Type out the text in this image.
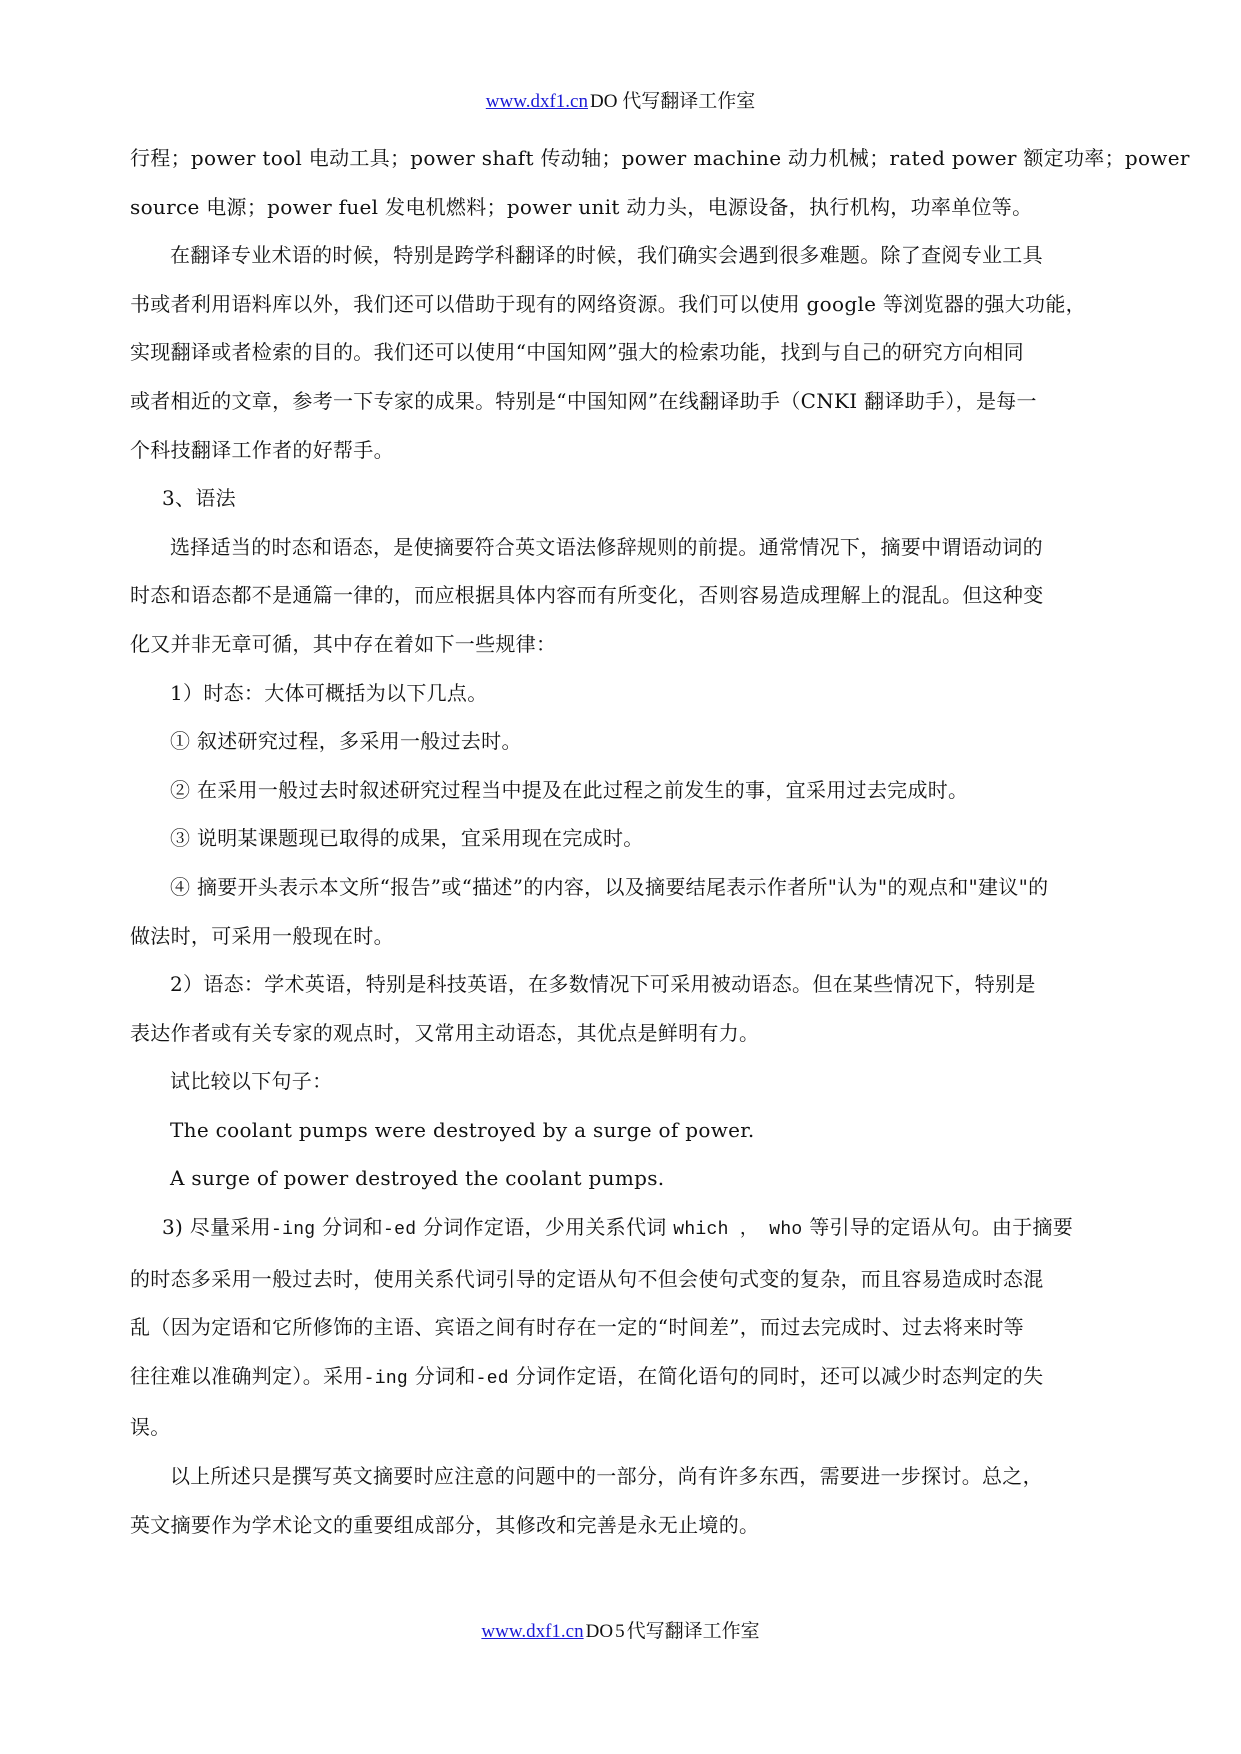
www.dxf1.cn DO 代写翻译工作室

行程；power tool 电动工具；power shaft 传动轴；power machine 动力机械；rated power 额定功率；power
source 电源；power fuel 发电机燃料；power unit 动力头，电源设备，执行机构，功率单位等。

在翻译专业术语的时候，特别是跨学科翻译的时候，我们确实会遇到很多难题。除了查阅专业工具

书或者利用语料库以外，我们还可以借助于现有的网络资源。我们可以使用 google 等浏览器的强大功能，
实现翻译或者检索的目的。我们还可以使用“中国知网”强大的检索功能，找到与自己的研究方向相同
或者相近的文章，参考一下专家的成果。特别是“中国知网”在线翻译助手（CNKI 翻译助手），是每一
个科技翻译工作者的好帮手。

3、语法

选择适当的时态和语态，是使摘要符合英文语法修辞规则的前提。通常情况下，摘要中谓语动词的

时态和语态都不是通篇一律的，而应根据具体内容而有所变化，否则容易造成理解上的混乱。但这种变
化又并非无章可循，其中存在着如下一些规律：

1）时态：大体可概括为以下几点。

① 叙述研究过程，多采用一般过去时。

② 在采用一般过去时叙述研究过程当中提及在此过程之前发生的事，宜采用过去完成时。

③ 说明某课题现已取得的成果，宜采用现在完成时。

④ 摘要开头表示本文所“报告”或“描述”的内容，以及摘要结尾表示作者所"认为"的观点和"建议"的

做法时，可采用一般现在时。

2）语态：学术英语，特别是科技英语，在多数情况下可采用被动语态。但在某些情况下，特别是

表达作者或有关专家的观点时，又常用主动语态，其优点是鲜明有力。

试比较以下句子：

The coolant pumps were destroyed by a surge of power.

A surge of power destroyed the coolant pumps.

3) 尽量采用-ing 分词和-ed 分词作定语，少用关系代词 which ， who 等引导的定语从句。由于摘要

的时态多采用一般过去时，使用关系代词引导的定语从句不但会使句式变的复杂，而且容易造成时态混
乱（因为定语和它所修饰的主语、宾语之间有时存在一定的“时间差”，而过去完成时、过去将来时等
往往难以准确判定）。采用-ing 分词和-ed 分词作定语，在简化语句的同时，还可以减少时态判定的失
误。

以上所述只是撰写英文摘要时应注意的问题中的一部分，尚有许多东西，需要进一步探讨。总之，

英文摘要作为学术论文的重要组成部分，其修改和完善是永无止境的。

www.dxf1.cn DO 5 代写翻译工作室
